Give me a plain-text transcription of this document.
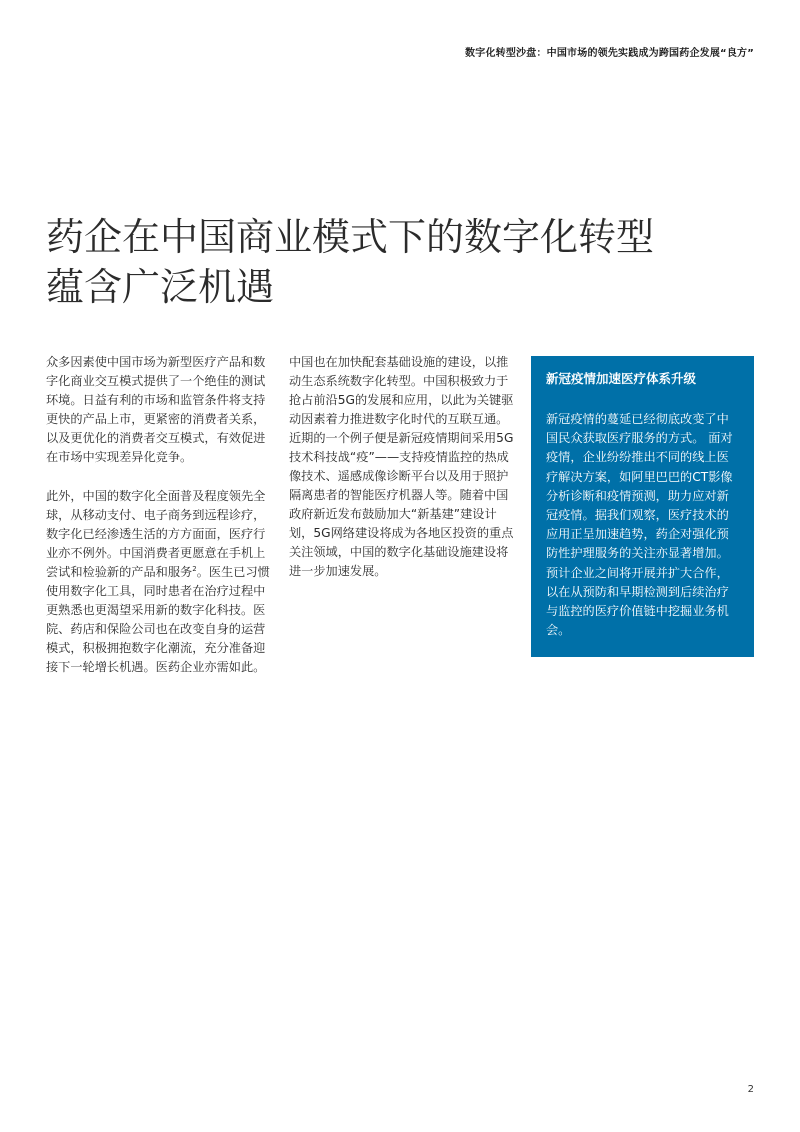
数字化转型沙盘：中国市场的领先实践成为跨国药企发展“良方”
药企在中国商业模式下的数字化转型
蕴含广泛机遇

众多因素使中国市场为新型医疗产品和数字化商业交互模式提供了一个绝佳的测试环境。日益有利的市场和监管条件将支持更快的产品上市，更紧密的消费者关系，以及更优化的消费者交互模式，有效促进在市场中实现差异化竞争。

此外，中国的数字化全面普及程度领先全球，从移动支付、电子商务到远程诊疗，数字化已经渗透生活的方方面面，医疗行业亦不例外。中国消费者更愿意在手机上尝试和检验新的产品和服务$^2$。医生已习惯使用数字化工具，同时患者在治疗过程中更熟悉也更渴望采用新的数字化科技。医院、药店和保险公司也在改变自身的运营模式，积极拥抱数字化潮流，充分准备迎接下一轮增长机遇。医药企业亦需如此。

中国也在加快配套基础设施的建设，以推动生态系统数字化转型。中国积极致力于抢占前沿5G的发展和应用，以此为关键驱动因素着力推进数字化时代的互联互通。近期的一个例子便是新冠疫情期间采用5G技术科技战“疫”——支持疫情监控的热成像技术、遥感成像诊断平台以及用于照护隔离患者的智能医疗机器人等。随着中国政府新近发布鼓励加大“新基建”建设计划，5G网络建设将成为各地区投资的重点关注领域，中国的数字化基础设施建设将进一步加速发展。

新冠疫情加速医疗体系升级

新冠疫情的蔓延已经彻底改变了中国民众获取医疗服务的方式。 面对疫情，企业纷纷推出不同的线上医疗解决方案，如阿里巴巴的CT影像分析诊断和疫情预测，助力应对新冠疫情。据我们观察，医疗技术的应用正呈加速趋势，药企对强化预防性护理服务的关注亦显著增加。预计企业之间将开展并扩大合作，以在从预防和早期检测到后续治疗与监控的医疗价值链中挖掘业务机会。

2
